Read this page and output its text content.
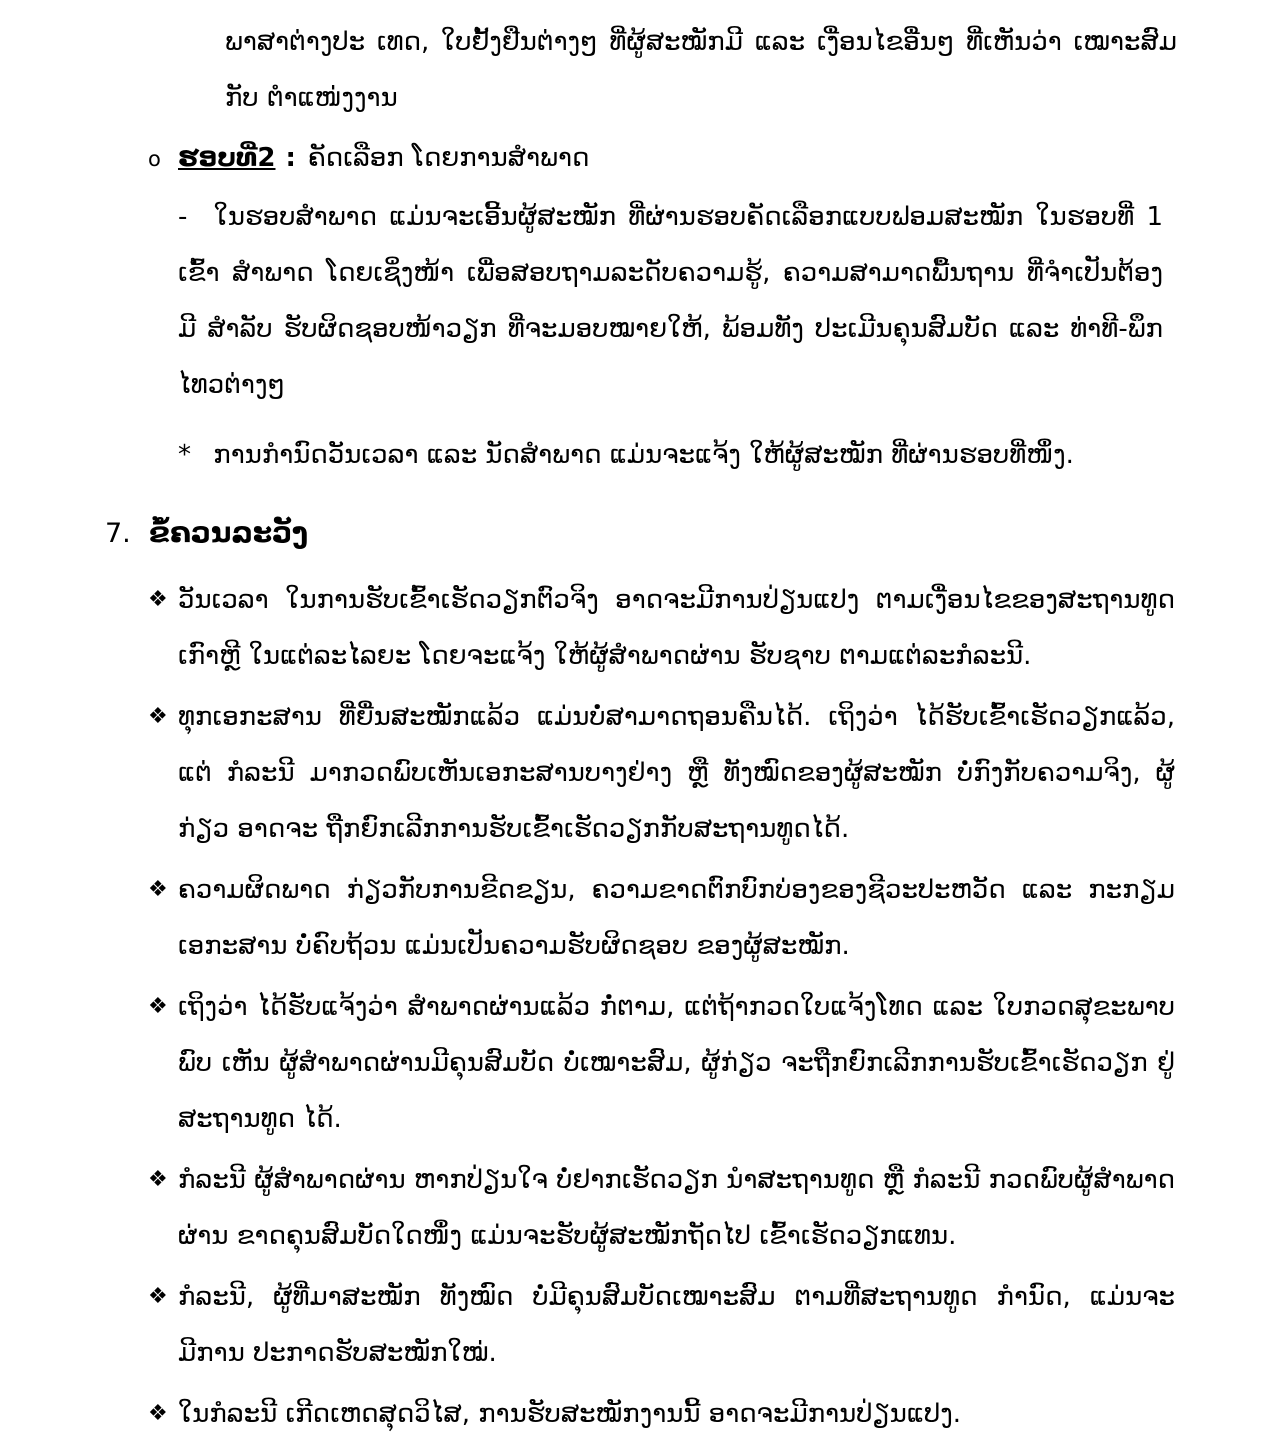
ພາສາຕ່າງປະ ເທດ, ໃບຢັ້ງຢືນຕ່າງໆ ທີ່ຜູ້ສະໝັກມີ ແລະ ເງື່ອນໄຂອື່ນໆ ທີ່ເຫັນວ່າ ເໝາະສົມກັບ ຕຳແໜ່ງງານ

o ຮອບທີ່2 : ຄັດເລືອກ ໂດຍການສຳພາດ

- ໃນຮອບສຳພາດ ແມ່ນຈະເອີ້ນຜູ້ສະໝັກ ທີ່ຜ່ານຮອບຄັດເລືອກແບບຟອມສະໝັກ ໃນຮອບທີ່ 1 ເຂົ້າ ສຳພາດ ໂດຍເຊິ່ງໜ້າ ເພື່ອສອບຖາມລະດັບຄວາມຮູ້, ຄວາມສາມາດພື້ນຖານ ທີ່ຈຳເປັນຕ້ອງ ມີ ສຳລັບ ຮັບຜິດຊອບໜ້າວຽກ ທີ່ຈະມອບໝາຍໃຫ້, ພ້ອມທັງ ປະເມີນຄຸນສົມບັດ ແລະ ທ່າທີ-ພຶກໄທວຕ່າງໆ

* ການກຳນົດວັນເວລາ ແລະ ນັດສຳພາດ ແມ່ນຈະແຈ້ງ ໃຫ້ຜູ້ສະໝັກ ທີ່ຜ່ານຮອບທີ່ໜຶ່ງ.

7. ຂໍ້ຄວນລະວັງ
❖ ວັນເວລາ ໃນການຮັບເຂົ້າເຮັດວຽກຕົວຈິງ ອາດຈະມີການປ່ຽນແປງ ຕາມເງື່ອນໄຂຂອງສະຖານທູດເກົາຫຼີ ໃນແຕ່ລະໄລຍະ ໂດຍຈະແຈ້ງ ໃຫ້ຜູ້ສຳພາດຜ່ານ ຮັບຊາບ ຕາມແຕ່ລະກໍລະນີ.

❖ ທຸກເອກະສານ ທີ່ຍື່ນສະໝັກແລ້ວ ແມ່ນບໍ່ສາມາດຖອນຄືນໄດ້. ເຖິງວ່າ ໄດ້ຮັບເຂົ້າເຮັດວຽກແລ້ວ, ແຕ່ ກໍລະນີ ມາກວດພົບເຫັນເອກະສານບາງຢ່າງ ຫຼື ທັງໝົດຂອງຜູ້ສະໝັກ ບໍ່ກົງກັບຄວາມຈິງ, ຜູ້ກ່ຽວ ອາດຈະ ຖືກຍົກເລີກການຮັບເຂົ້າເຮັດວຽກກັບສະຖານທູດໄດ້.

❖ ຄວາມຜິດພາດ ກ່ຽວກັບການຂີດຂຽນ, ຄວາມຂາດຕົກບົກບ່ອງຂອງຊີວະປະຫວັດ ແລະ ກະກຽມເອກະສານ ບໍ່ຄົບຖ້ວນ ແມ່ນເປັນຄວາມຮັບຜິດຊອບ ຂອງຜູ້ສະໝັກ.

❖ ເຖິງວ່າ ໄດ້ຮັບແຈ້ງວ່າ ສຳພາດຜ່ານແລ້ວ ກໍ່ຕາມ, ແຕ່ຖ້າກວດໃບແຈ້ງໂທດ ແລະ ໃບກວດສຸຂະພາບ ພົບ ເຫັນ ຜູ້ສຳພາດຜ່ານມີຄຸນສົມບັດ ບໍ່ເໝາະສົມ, ຜູ້ກ່ຽວ ຈະຖືກຍົກເລີກການຮັບເຂົ້າເຮັດວຽກ ຢູ່ສະຖານທູດ ໄດ້.

❖ ກໍລະນີ ຜູ້ສຳພາດຜ່ານ ຫາກປ່ຽນໃຈ ບໍ່ຢາກເຮັດວຽກ ນຳສະຖານທູດ ຫຼື ກໍລະນີ ກວດພົບຜູ້ສຳພາດຜ່ານ ຂາດຄຸນສົມບັດໃດໜຶ່ງ ແມ່ນຈະຮັບຜູ້ສະໝັກຖັດໄປ ເຂົ້າເຮັດວຽກແທນ.

❖ ກໍລະນີ, ຜູ້ທີ່ມາສະໝັກ ທັງໝົດ ບໍ່ມີຄຸນສົມບັດເໝາະສົມ ຕາມທີ່ສະຖານທູດ ກຳນົດ, ແມ່ນຈະມີການ ປະກາດຮັບສະໝັກໃໝ່.

❖ ໃນກໍລະນີ ເກີດເຫດສຸດວິໄສ, ການຮັບສະໝັກງານນີ້ ອາດຈະມີການປ່ຽນແປງ.
